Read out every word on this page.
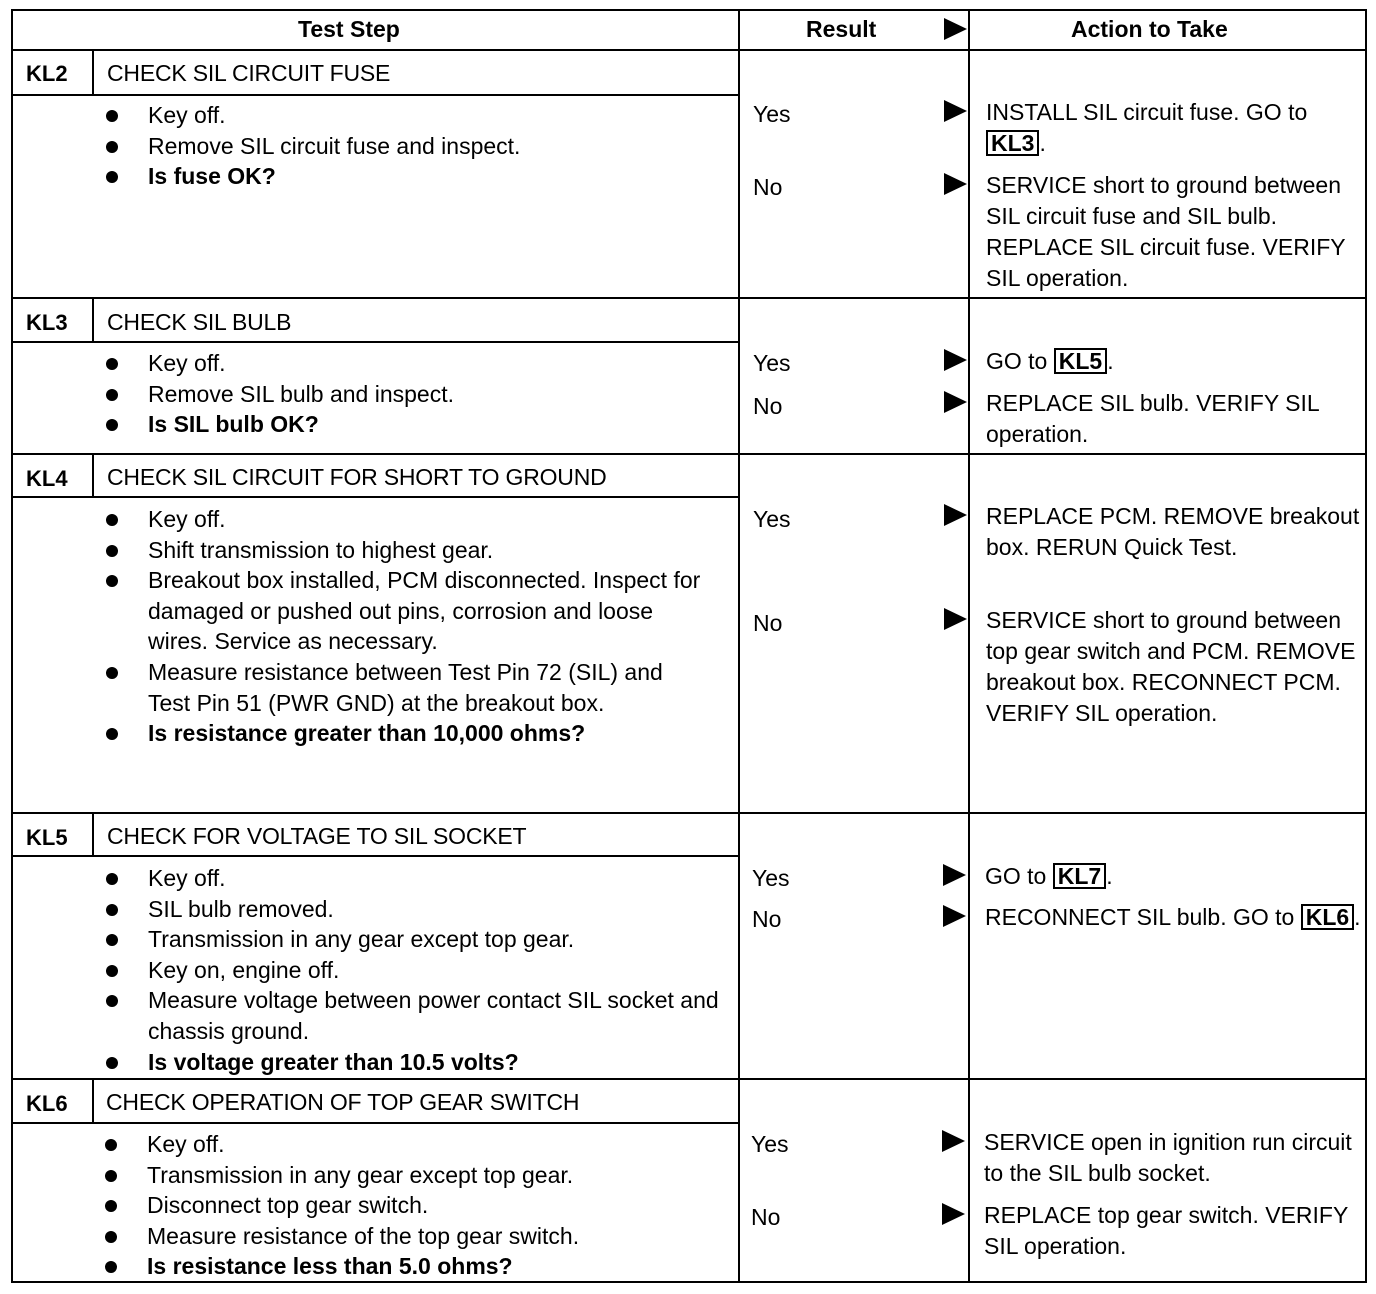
Test Step	Result	Action to Take
KL2 CHECK SIL CIRCUIT FUSE
Key off.
Remove SIL circuit fuse and inspect.
Is fuse OK?
Yes	INSTALL SIL circuit fuse. GO to KL3 .
No	SERVICE short to ground between SIL circuit fuse and SIL bulb. REPLACE SIL circuit fuse. VERIFY SIL operation.
KL3 CHECK SIL BULB
Key off.
Remove SIL bulb and inspect.
Is SIL bulb OK?
Yes	GO to KL5 .
No	REPLACE SIL bulb. VERIFY SIL operation.
KL4 CHECK SIL CIRCUIT FOR SHORT TO GROUND
Key off.
Shift transmission to highest gear.
Breakout box installed, PCM disconnected. Inspect for damaged or pushed out pins, corrosion and loose wires. Service as necessary.
Measure resistance between Test Pin 72 (SIL) and Test Pin 51 (PWR GND) at the breakout box.
Is resistance greater than 10,000 ohms?
Yes	REPLACE PCM. REMOVE breakout box. RERUN Quick Test.
No	SERVICE short to ground between top gear switch and PCM. REMOVE breakout box. RECONNECT PCM. VERIFY SIL operation.
KL5 CHECK FOR VOLTAGE TO SIL SOCKET
Key off.
SIL bulb removed.
Transmission in any gear except top gear.
Key on, engine off.
Measure voltage between power contact SIL socket and chassis ground.
Is voltage greater than 10.5 volts?
Yes	GO to KL7 .
No	RECONNECT SIL bulb. GO to KL6 .
KL6 CHECK OPERATION OF TOP GEAR SWITCH
Key off.
Transmission in any gear except top gear.
Disconnect top gear switch.
Measure resistance of the top gear switch.
Is resistance less than 5.0 ohms?
Yes	SERVICE open in ignition run circuit to the SIL bulb socket.
No	REPLACE top gear switch. VERIFY SIL operation.
